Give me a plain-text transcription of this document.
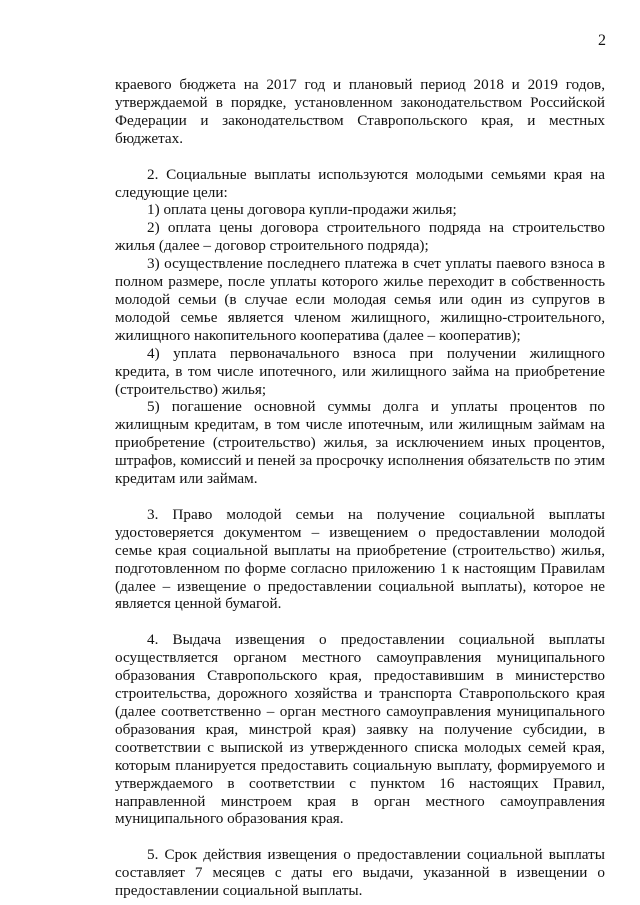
2

краевого бюджета на 2017 год и плановый период 2018 и 2019 годов, утверждаемой в порядке, установленном законодательством Российской Федерации и законодательством Ставропольского края, и местных бюджетах.

2. Социальные выплаты используются молодыми семьями края на следующие цели:

1) оплата цены договора купли-продажи жилья;

2) оплата цены договора строительного подряда на строительство жилья (далее – договор строительного подряда);

3) осуществление последнего платежа в счет уплаты паевого взноса в полном размере, после уплаты которого жилье переходит в собственность молодой семьи (в случае если молодая семья или один из супругов в молодой семье является членом жилищного, жилищно-строительного, жилищного накопительного кооператива (далее – кооператив);

4) уплата первоначального взноса при получении жилищного кредита, в том числе ипотечного, или жилищного займа на приобретение (строительство) жилья;

5) погашение основной суммы долга и уплаты процентов по жилищным кредитам, в том числе ипотечным, или жилищным займам на приобретение (строительство) жилья, за исключением иных процентов, штрафов, комиссий и пеней за просрочку исполнения обязательств по этим кредитам или займам.

3. Право молодой семьи на получение социальной выплаты удостоверяется документом – извещением о предоставлении молодой семье края социальной выплаты на приобретение (строительство) жилья, подготовленном по форме согласно приложению 1 к настоящим Правилам (далее – извещение о предоставлении социальной выплаты), которое не является ценной бумагой.

4. Выдача извещения о предоставлении социальной выплаты осуществляется органом местного самоуправления муниципального образования Ставропольского края, предоставившим в министерство строительства, дорожного хозяйства и транспорта Ставропольского края (далее соответственно – орган местного самоуправления муниципального образования края, минстрой края) заявку на получение субсидии, в соответствии с выпиской из утвержденного списка молодых семей края, которым планируется предоставить социальную выплату, формируемого и утверждаемого в соответствии с пунктом 16 настоящих Правил, направленной минстроем края в орган местного самоуправления муниципального образования края.

5. Срок действия извещения о предоставлении социальной выплаты составляет 7 месяцев с даты его выдачи, указанной в извещении о предоставлении социальной выплаты.
